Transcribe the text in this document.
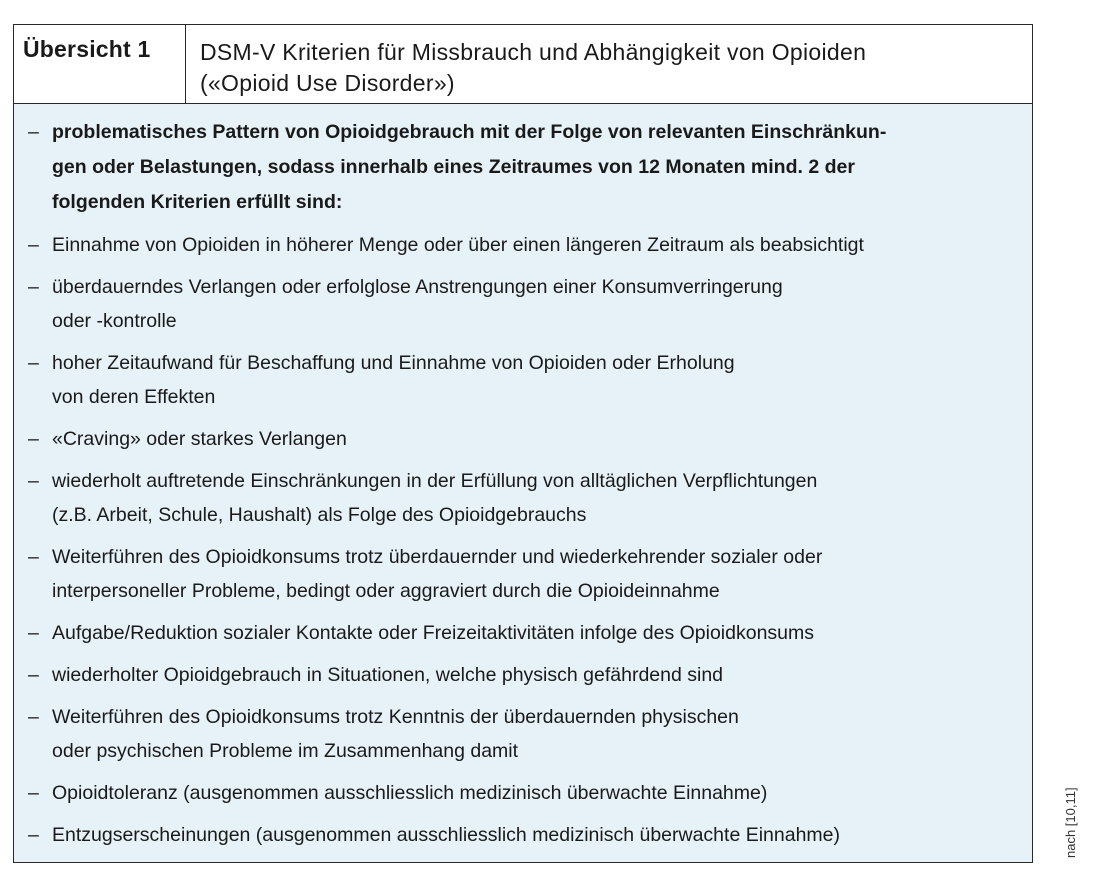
Übersicht 1	DSM-V Kriterien für Missbrauch und Abhängigkeit von Opioiden
(«Opioid Use Disorder»)
– problematisches Pattern von Opioidgebrauch mit der Folge von relevanten Einschränkun-
gen oder Belastungen, sodass innerhalb eines Zeitraumes von 12 Monaten mind. 2 der
folgenden Kriterien erfüllt sind:
– Einnahme von Opioiden in höherer Menge oder über einen längeren Zeitraum als beabsichtigt
– überdauerndes Verlangen oder erfolglose Anstrengungen einer Konsumverringerung
oder -kontrolle
– hoher Zeitaufwand für Beschaffung und Einnahme von Opioiden oder Erholung
von deren Effekten
– «Craving» oder starkes Verlangen
– wiederholt auftretende Einschränkungen in der Erfüllung von alltäglichen Verpflichtungen
(z.B. Arbeit, Schule, Haushalt) als Folge des Opioidgebrauchs
– Weiterführen des Opioidkonsums trotz überdauernder und wiederkehrender sozialer oder
interpersoneller Probleme, bedingt oder aggraviert durch die Opioideinnahme
– Aufgabe/Reduktion sozialer Kontakte oder Freizeitaktivitäten infolge des Opioidkonsums
– wiederholter Opioidgebrauch in Situationen, welche physisch gefährdend sind
– Weiterführen des Opioidkonsums trotz Kenntnis der überdauernden physischen
oder psychischen Probleme im Zusammenhang damit
– Opioidtoleranz (ausgenommen ausschliesslich medizinisch überwachte Einnahme)
– Entzugserscheinungen (ausgenommen ausschliesslich medizinisch überwachte Einnahme)	nach [10,11]
